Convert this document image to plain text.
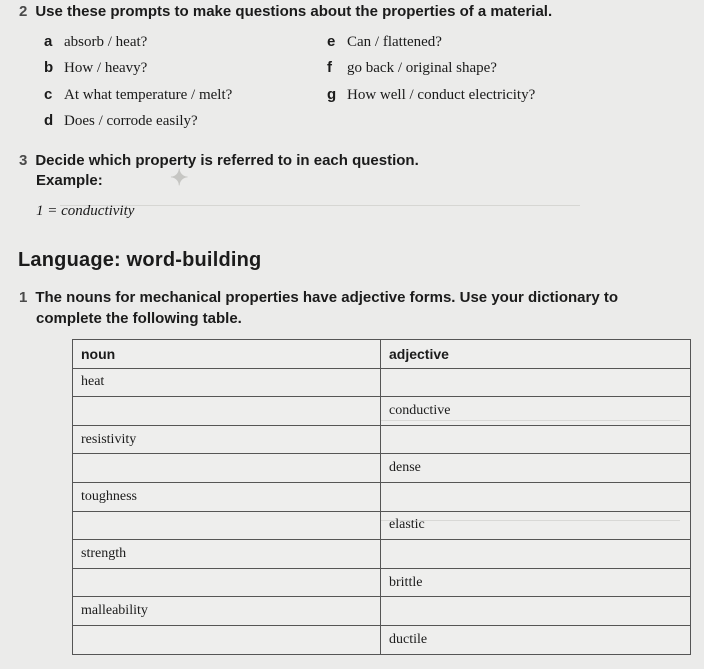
✦
2 Use these prompts to make questions about the properties of a material.
a absorb / heat?
b How / heavy?
c At what temperature / melt?
d Does / corrode easily?
e Can / flattened?
f go back / original shape?
g How well / conduct electricity?
3 Decide which property is referred to in each question.
Example:
1 = conductivity
Language: word-building
1 The nouns for mechanical properties have adjective forms. Use your dictionary to
complete the following table.
noun	adjective
heat	
	conductive
resistivity	
	dense
toughness	
	elastic
strength	
	brittle
malleability	
	ductile
